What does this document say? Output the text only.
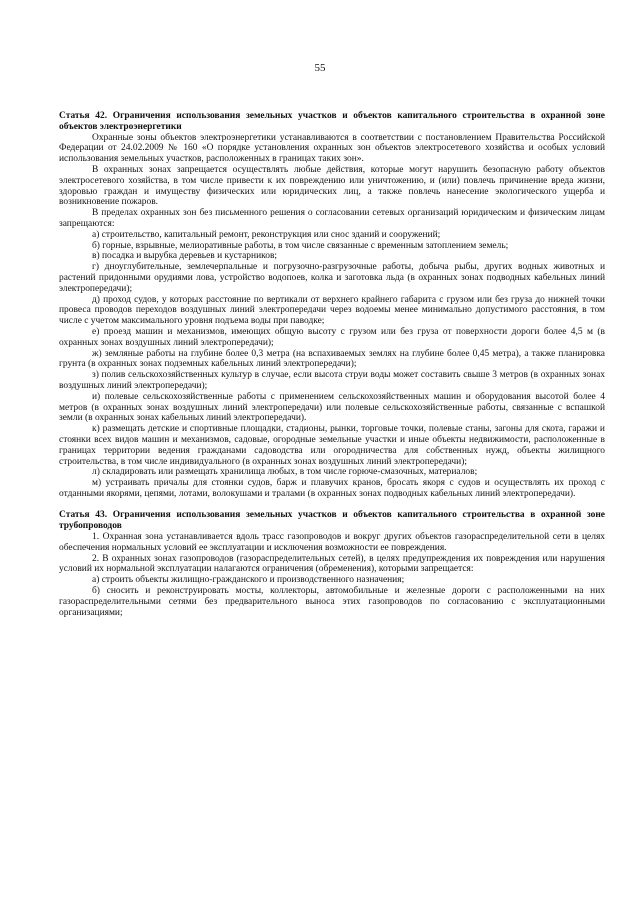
55

Статья 42. Ограничения использования земельных участков и объектов капитального строительства в охранной зоне объектов электроэнергетики

Охранные зоны объектов электроэнергетики устанавливаются в соответствии с постановлением Правительства Российской Федерации от 24.02.2009 № 160 «О порядке установления охранных зон объектов электросетевого хозяйства и особых условий использования земельных участков, расположенных в границах таких зон».

В охранных зонах запрещается осуществлять любые действия, которые могут нарушить безопасную работу объектов электросетевого хозяйства, в том числе привести к их повреждению или уничтожению, и (или) повлечь причинение вреда жизни, здоровью граждан и имуществу физических или юридических лиц, а также повлечь нанесение экологического ущерба и возникновение пожаров.

В пределах охранных зон без письменного решения о согласовании сетевых организаций юридическим и физическим лицам запрещаются:

а) строительство, капитальный ремонт, реконструкция или снос зданий и сооружений;

б) горные, взрывные, мелиоративные работы, в том числе связанные с временным затоплением земель;

в) посадка и вырубка деревьев и кустарников;

г) дноуглубительные, землечерпальные и погрузочно-разгрузочные работы, добыча рыбы, других водных животных и растений придонными орудиями лова, устройство водопоев, колка и заготовка льда (в охранных зонах подводных кабельных линий электропередачи);

д) проход судов, у которых расстояние по вертикали от верхнего крайнего габарита с грузом или без груза до нижней точки провеса проводов переходов воздушных линий электропередачи через водоемы менее минимально допустимого расстояния, в том числе с учетом максимального уровня подъема воды при паводке;

е) проезд машин и механизмов, имеющих общую высоту с грузом или без груза от поверхности дороги более 4,5 м (в охранных зонах воздушных линий электропередачи);

ж) земляные работы на глубине более 0,3 метра (на вспахиваемых землях на глубине более 0,45 метра), а также планировка грунта (в охранных зонах подземных кабельных линий электропередачи);

з) полив сельскохозяйственных культур в случае, если высота струи воды может составить свыше 3 метров (в охранных зонах воздушных линий электропередачи);

и) полевые сельскохозяйственные работы с применением сельскохозяйственных машин и оборудования высотой более 4 метров (в охранных зонах воздушных линий электропередачи) или полевые сельскохозяйственные работы, связанные с вспашкой земли (в охранных зонах кабельных линий электропередачи).

к) размещать детские и спортивные площадки, стадионы, рынки, торговые точки, полевые станы, загоны для скота, гаражи и стоянки всех видов машин и механизмов, садовые, огородные земельные участки и иные объекты недвижимости, расположенные в границах территории ведения гражданами садоводства или огородничества для собственных нужд, объекты жилищного строительства, в том числе индивидуального (в охранных зонах воздушных линий электропередачи);

л) складировать или размещать хранилища любых, в том числе горюче-смазочных, материалов;

м) устраивать причалы для стоянки судов, барж и плавучих кранов, бросать якоря с судов и осуществлять их проход с отданными якорями, цепями, лотами, волокушами и тралами (в охранных зонах подводных кабельных линий электропередачи).

Статья 43. Ограничения использования земельных участков и объектов капитального строительства в охранной зоне трубопроводов

1. Охранная зона устанавливается вдоль трасс газопроводов и вокруг других объектов газораспределительной сети в целях обеспечения нормальных условий ее эксплуатации и исключения возможности ее повреждения.

2. В охранных зонах газопроводов (газораспределительных сетей), в целях предупреждения их повреждения или нарушения условий их нормальной эксплуатации налагаются ограничения (обременения), которыми запрещается:

а) строить объекты жилищно-гражданского и производственного назначения;

б) сносить и реконструировать мосты, коллекторы, автомобильные и железные дороги с расположенными на них газораспределительными сетями без предварительного выноса этих газопроводов по согласованию с эксплуатационными организациями;
